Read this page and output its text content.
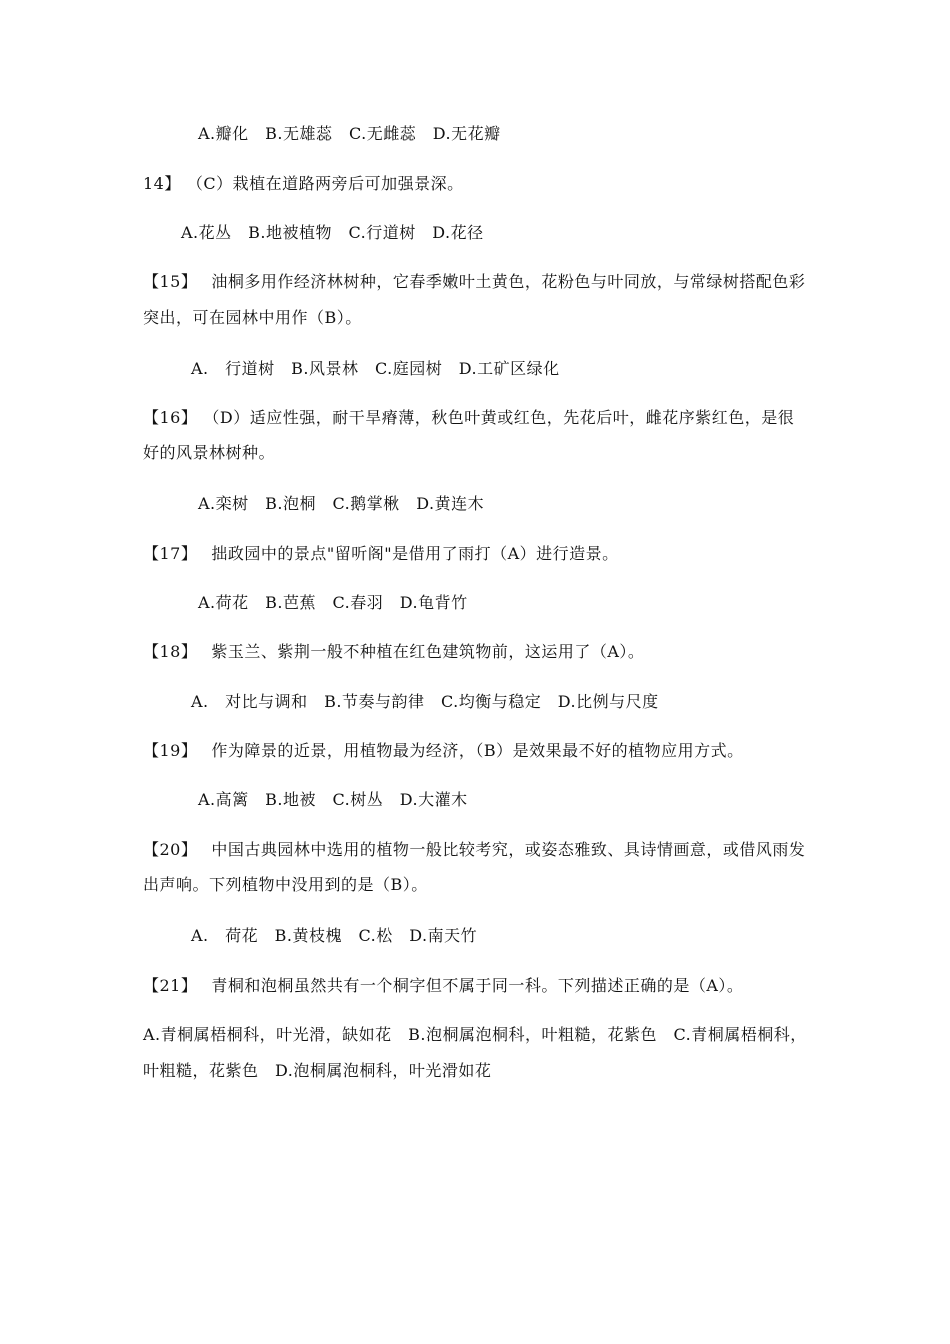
A.瓣化　B.无雄蕊　C.无雌蕊　D.无花瓣
14】 （C）栽植在道路两旁后可加强景深。
A.花丛　B.地被植物　C.行道树　D.花径
【15】 油桐多用作经济林树种，它春季嫩叶土黄色，花粉色与叶同放，与常绿树搭配色彩
突出，可在园林中用作（B）。
A.　行道树　B.风景林　C.庭园树　D.工矿区绿化
【16】 （D）适应性强，耐干旱瘠薄，秋色叶黄或红色，先花后叶，雌花序紫红色，是很
好的风景林树种。
A.栾树　B.泡桐　C.鹅掌楸　D.黄连木
【17】 拙政园中的景点"留听阁"是借用了雨打（A）进行造景。
A.荷花　B.芭蕉　C.春羽　D.龟背竹
【18】 紫玉兰、紫荆一般不种植在红色建筑物前，这运用了（A）。
A.　对比与调和　B.节奏与韵律　C.均衡与稳定　D.比例与尺度
【19】 作为障景的近景，用植物最为经济，（B）是效果最不好的植物应用方式。
A.高篱　B.地被　C.树丛　D.大灌木
【20】 中国古典园林中选用的植物一般比较考究，或姿态雅致、具诗情画意，或借风雨发
出声响。下列植物中没用到的是（B）。
A.　荷花　B.黄枝槐　C.松　D.南天竹
【21】 青桐和泡桐虽然共有一个桐字但不属于同一科。下列描述正确的是（A）。
A.青桐属梧桐科，叶光滑，缺如花　B.泡桐属泡桐科，叶粗糙，花紫色　C.青桐属梧桐科，
叶粗糙，花紫色　D.泡桐属泡桐科，叶光滑如花
